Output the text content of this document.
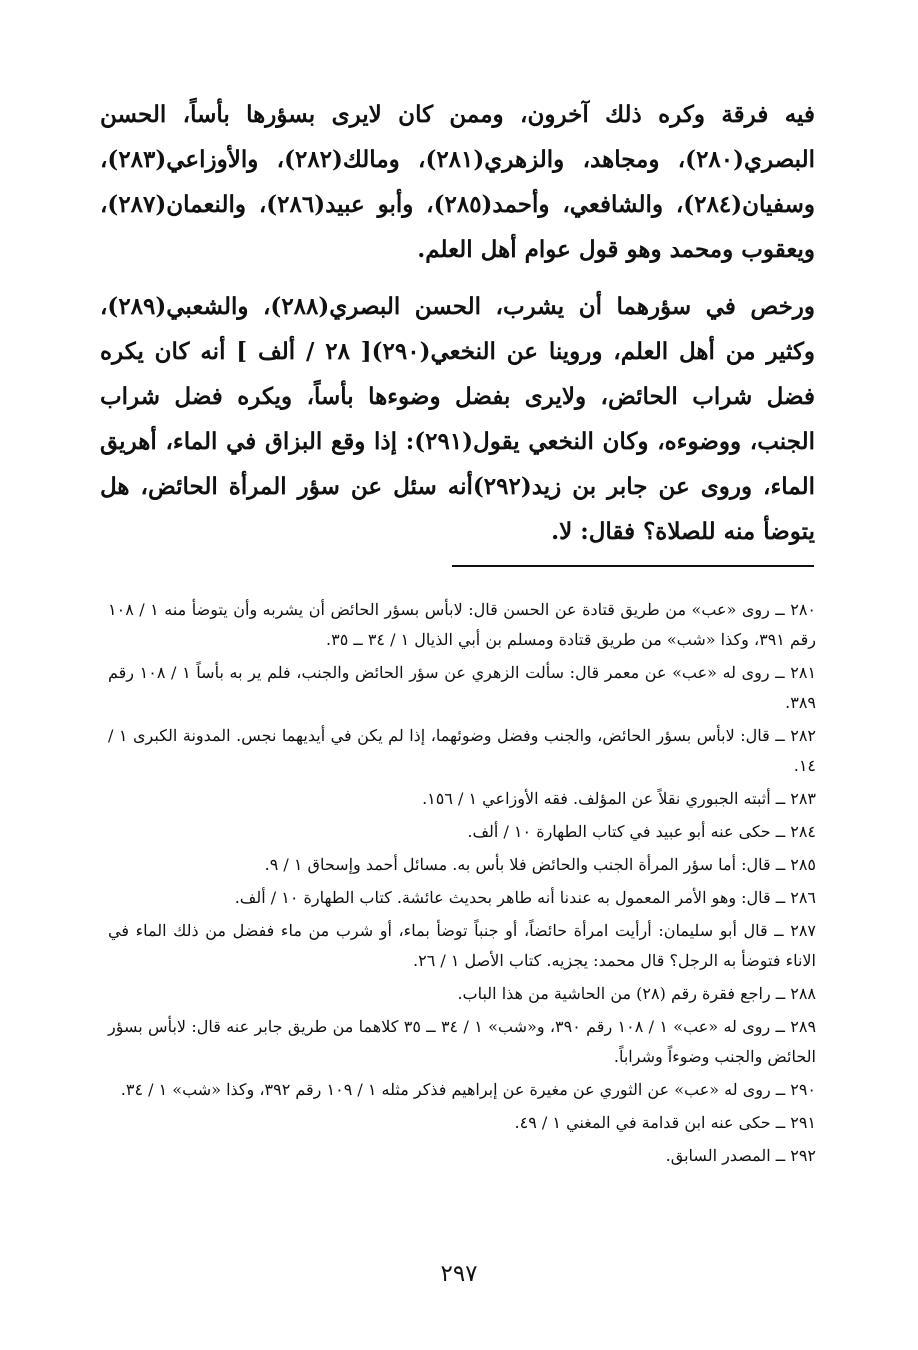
فيه فرقة وكره ذلك آخرون، وممن كان لايرى بسؤرها بأساً، الحسن البصري(٢٨٠)، ومجاهد، والزهري(٢٨١)، ومالك(٢٨٢)، والأوزاعي(٢٨٣)، وسفيان(٢٨٤)، والشافعي، وأحمد(٢٨٥)، وأبو عبيد(٢٨٦)، والنعمان(٢٨٧)، ويعقوب ومحمد وهو قول عوام أهل العلم.

ورخص في سؤرهما أن يشرب، الحسن البصري(٢٨٨)، والشعبي(٢٨٩)، وكثير من أهل العلم، وروينا عن النخعي(٢٩٠)[ ٢٨ / ألف ] أنه كان يكره فضل شراب الحائض، ولايرى بفضل وضوءها بأساً، ويكره فضل شراب الجنب، ووضوءه، وكان النخعي يقول(٢٩١): إذا وقع البزاق في الماء، أهريق الماء، وروى عن جابر بن زيد(٢٩٢)أنه سئل عن سؤر المرأة الحائض، هل يتوضأ منه للصلاة؟ فقال: لا.

٢٨٠ ــ روى «عب» من طريق قتادة عن الحسن قال: لابأس بسؤر الحائض أن يشربه وأن يتوضأ منه ١ / ١٠٨ رقم ٣٩١، وكذا «شب» من طريق قتادة ومسلم بن أبي الذيال ١ / ٣٤ ــ ٣٥.

٢٨١ ــ روى له «عب» عن معمر قال: سألت الزهري عن سؤر الحائض والجنب، فلم ير به بأساً ١ / ١٠٨ رقم ٣٨٩.

٢٨٢ ــ قال: لابأس بسؤر الحائض، والجنب وفضل وضوئهما، إذا لم يكن في أيديهما نجس. المدونة الكبرى ١ / ١٤.

٢٨٣ ــ أثبته الجبوري نقلاً عن المؤلف. فقه الأوزاعي ١ / ١٥٦.

٢٨٤ ــ حكى عنه أبو عبيد في كتاب الطهارة ١٠ / ألف.

٢٨٥ ــ قال: أما سؤر المرأة الجنب والحائض فلا بأس به. مسائل أحمد وإسحاق ١ / ٩.

٢٨٦ ــ قال: وهو الأمر المعمول به عندنا أنه طاهر بحديث عائشة. كتاب الطهارة ١٠ / ألف.

٢٨٧ ــ قال أبو سليمان: أرأيت امرأة حائضاً، أو جنباً توضأ بماء، أو شرب من ماء ففضل من ذلك الماء في الاناء فتوضأ به الرجل؟ قال محمد: يجزيه. كتاب الأصل ١ / ٢٦.

٢٨٨ ــ راجع فقرة رقم (٢٨) من الحاشية من هذا الباب.

٢٨٩ ــ روى له «عب» ١ / ١٠٨ رقم ٣٩٠، و«شب» ١ / ٣٤ ــ ٣٥ كلاهما من طريق جابر عنه قال: لابأس بسؤر الحائض والجنب وضوءاً وشراباً.

٢٩٠ ــ روى له «عب» عن الثوري عن مغيرة عن إبراهيم فذكر مثله ١ / ١٠٩ رقم ٣٩٢، وكذا «شب» ١ / ٣٤.

٢٩١ ــ حكى عنه ابن قدامة في المغني ١ / ٤٩.

٢٩٢ ــ المصدر السابق.

٢٩٧
